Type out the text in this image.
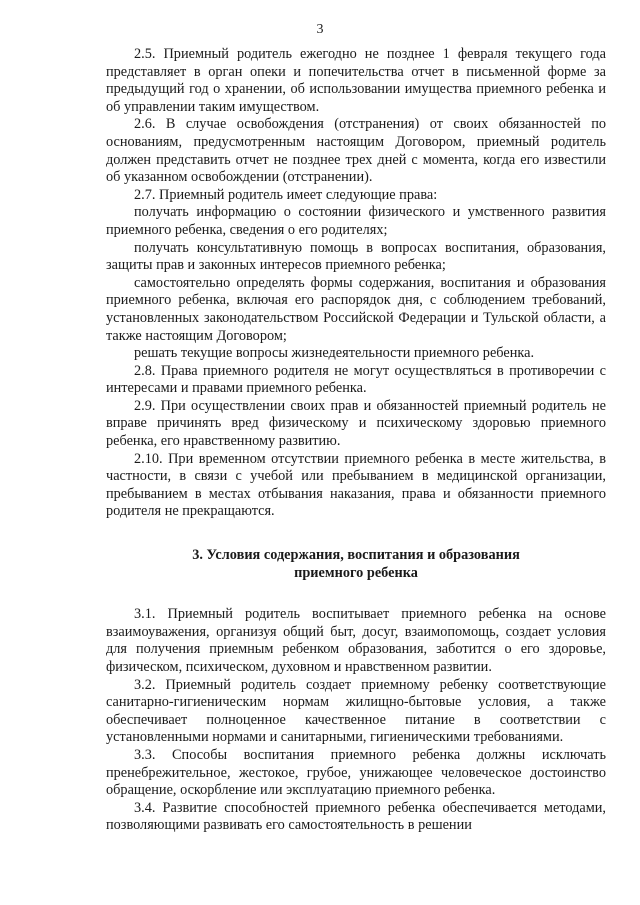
3

2.5. Приемный родитель ежегодно не позднее 1 февраля текущего года представляет в орган опеки и попечительства отчет в письменной форме за предыдущий год о хранении, об использовании имущества приемного ребенка и об управлении таким имуществом.

2.6. В случае освобождения (отстранения) от своих обязанностей по основаниям, предусмотренным настоящим Договором, приемный родитель должен представить отчет не позднее трех дней с момента, когда его известили об указанном освобождении (отстранении).

2.7. Приемный родитель имеет следующие права:

получать информацию о состоянии физического и умственного развития приемного ребенка, сведения о его родителях;

получать консультативную помощь в вопросах воспитания, образования, защиты прав и законных интересов приемного ребенка;

самостоятельно определять формы содержания, воспитания и образования приемного ребенка, включая его распорядок дня, с соблюдением требований, установленных законодательством Российской Федерации и Тульской области, а также настоящим Договором;

решать текущие вопросы жизнедеятельности приемного ребенка.

2.8. Права приемного родителя не могут осуществляться в противоречии с интересами и правами приемного ребенка.

2.9. При осуществлении своих прав и обязанностей приемный родитель не вправе причинять вред физическому и психическому здоровью приемного ребенка, его нравственному развитию.

2.10. При временном отсутствии приемного ребенка в месте жительства, в частности, в связи с учебой или пребыванием в медицинской организации, пребыванием в местах отбывания наказания, права и обязанности приемного родителя не прекращаются.

3. Условия содержания, воспитания и образования
приемного ребенка

3.1. Приемный родитель воспитывает приемного ребенка на основе взаимоуважения, организуя общий быт, досуг, взаимопомощь, создает условия для получения приемным ребенком образования, заботится о его здоровье, физическом, психическом, духовном и нравственном развитии.

3.2. Приемный родитель создает приемному ребенку соответствующие санитарно-гигиеническим нормам жилищно-бытовые условия, а также обеспечивает полноценное качественное питание в соответствии с установленными нормами и санитарными, гигиеническими требованиями.

3.3. Способы воспитания приемного ребенка должны исключать пренебрежительное, жестокое, грубое, унижающее человеческое достоинство обращение, оскорбление или эксплуатацию приемного ребенка.

3.4. Развитие способностей приемного ребенка обеспечивается методами, позволяющими развивать его самостоятельность в решении
